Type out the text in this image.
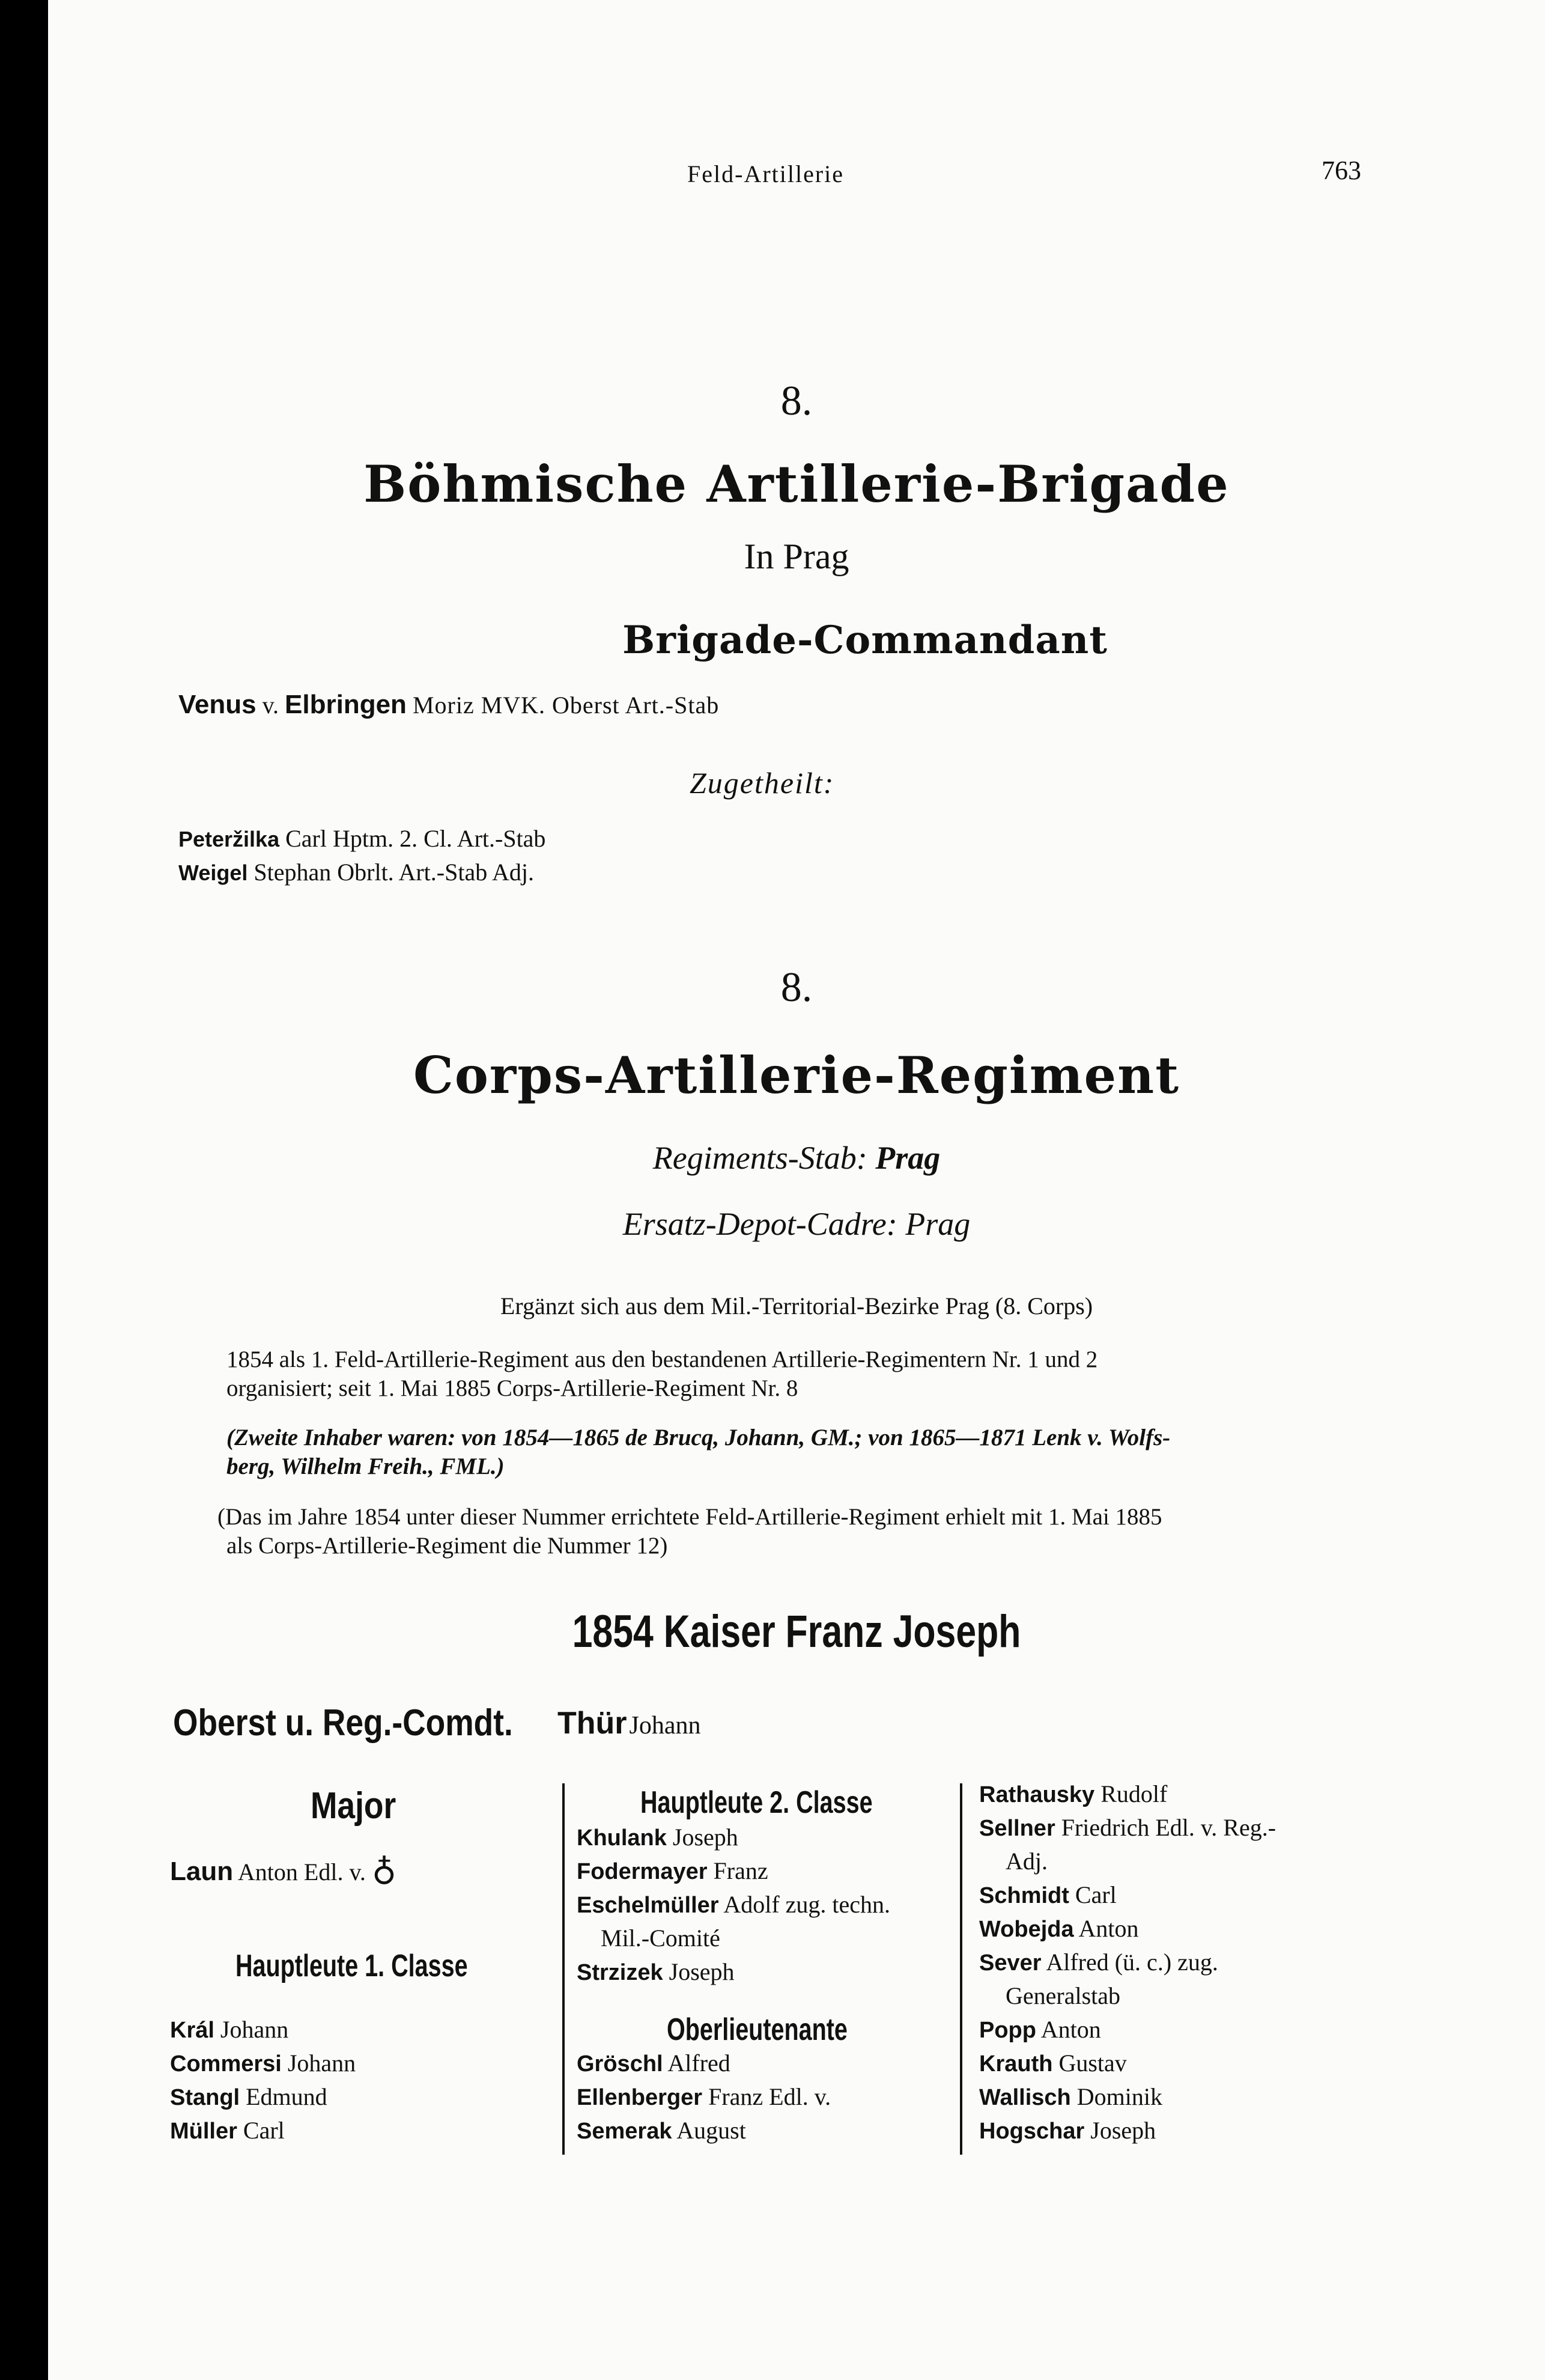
Feld-Artillerie	763
8.
Böhmische Artillerie-Brigade
In Prag
Brigade-Commandant
Venus v. Elbringen Moriz MVK. Oberst Art.-Stab
Zugetheilt:
Peteržilka Carl Hptm. 2. Cl. Art.-Stab
Weigel Stephan Obrlt. Art.-Stab Adj.
8.
Corps-Artillerie-Regiment
Regiments-Stab: Prag
Ersatz-Depot-Cadre: Prag
Ergänzt sich aus dem Mil.-Territorial-Bezirke Prag (8. Corps)
1854 als 1. Feld-Artillerie-Regiment aus den bestandenen Artillerie-Regimentern Nr. 1 und 2
organisiert; seit 1. Mai 1885 Corps-Artillerie-Regiment Nr. 8
(Zweite Inhaber waren: von 1854—1865 de Brucq, Johann, GM.; von 1865—1871 Lenk v. Wolfs-
berg, Wilhelm Freih., FML.)
(Das im Jahre 1854 unter dieser Nummer errichtete Feld-Artillerie-Regiment erhielt mit 1. Mai 1885
als Corps-Artillerie-Regiment die Nummer 12)
1854 Kaiser Franz Joseph
Oberst u. Reg.-Comdt. Thür Johann
Major
Laun Anton Edl. v. ♁
Hauptleute 1. Classe
Král Johann
Commersi Johann
Stangl Edmund
Müller Carl
Hauptleute 2. Classe
Khulank Joseph
Fodermayer Franz
Eschelmüller Adolf zug. techn.
Mil.-Comité
Strzizek Joseph
Oberlieutenante
Gröschl Alfred
Ellenberger Franz Edl. v.
Semerak August
Rathausky Rudolf
Sellner Friedrich Edl. v. Reg.-
Adj.
Schmidt Carl
Wobejda Anton
Sever Alfred (ü. c.) zug.
Generalstab
Popp Anton
Krauth Gustav
Wallisch Dominik
Hogschar Joseph
